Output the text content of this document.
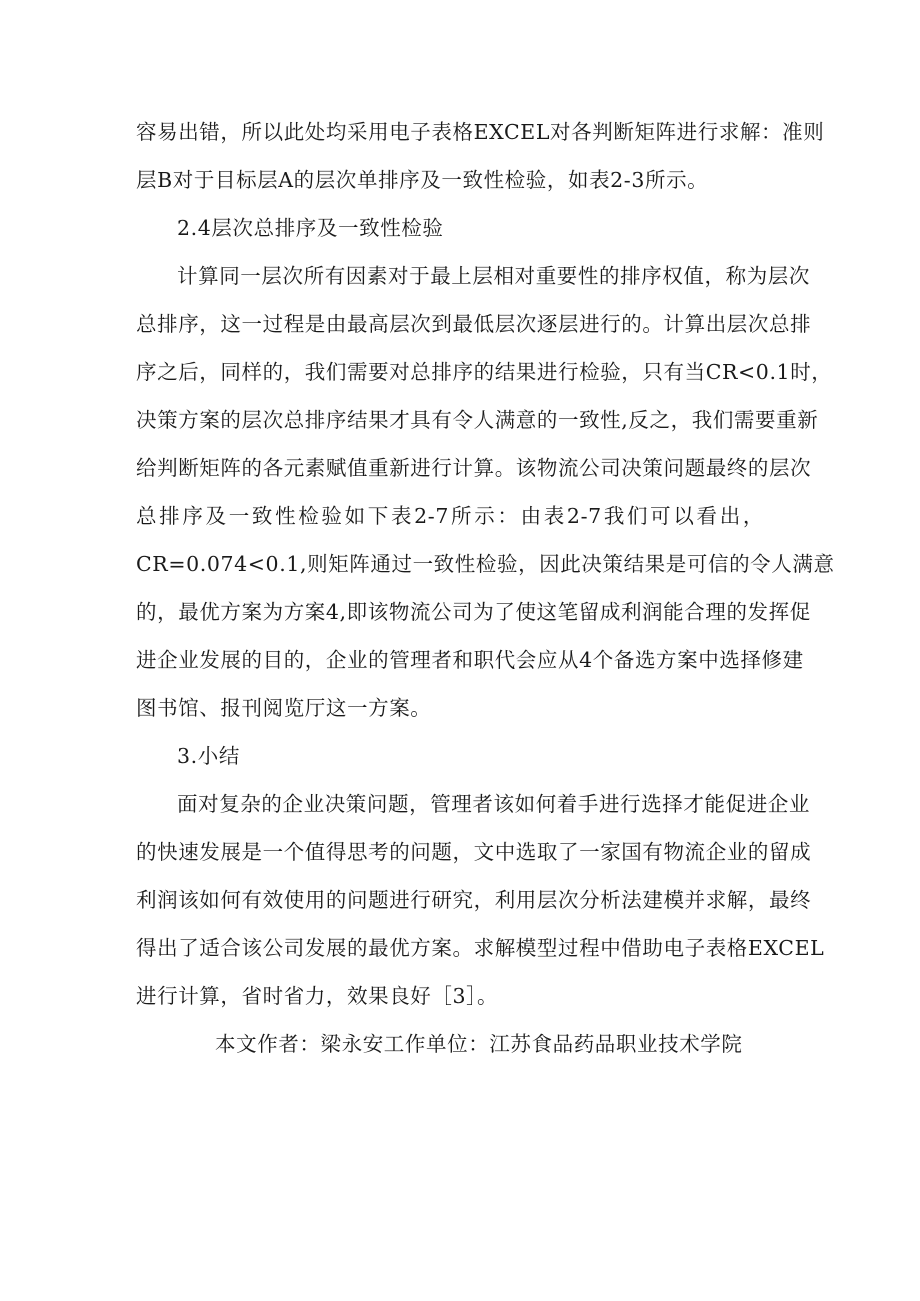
容易出错，所以此处均采用电子表格EXCEL对各判断矩阵进行求解：准则
层B对于目标层A的层次单排序及一致性检验，如表2-3所示。
2.4层次总排序及一致性检验
计算同一层次所有因素对于最上层相对重要性的排序权值，称为层次
总排序，这一过程是由最高层次到最低层次逐层进行的。计算出层次总排
序之后，同样的，我们需要对总排序的结果进行检验，只有当CR<0.1时，
决策方案的层次总排序结果才具有令人满意的一致性,反之，我们需要重新
给判断矩阵的各元素赋值重新进行计算。该物流公司决策问题最终的层次
总排序及一致性检验如下表2-7所示：由表2-7我们可以看出，
CR=0.074<0.1,则矩阵通过一致性检验，因此决策结果是可信的令人满意
的，最优方案为方案4,即该物流公司为了使这笔留成利润能合理的发挥促
进企业发展的目的，企业的管理者和职代会应从4个备选方案中选择修建
图书馆、报刊阅览厅这一方案。
3.小结
面对复杂的企业决策问题，管理者该如何着手进行选择才能促进企业
的快速发展是一个值得思考的问题，文中选取了一家国有物流企业的留成
利润该如何有效使用的问题进行研究，利用层次分析法建模并求解，最终
得出了适合该公司发展的最优方案。求解模型过程中借助电子表格EXCEL
进行计算，省时省力，效果良好［3］。
本文作者：梁永安工作单位：江苏食品药品职业技术学院
